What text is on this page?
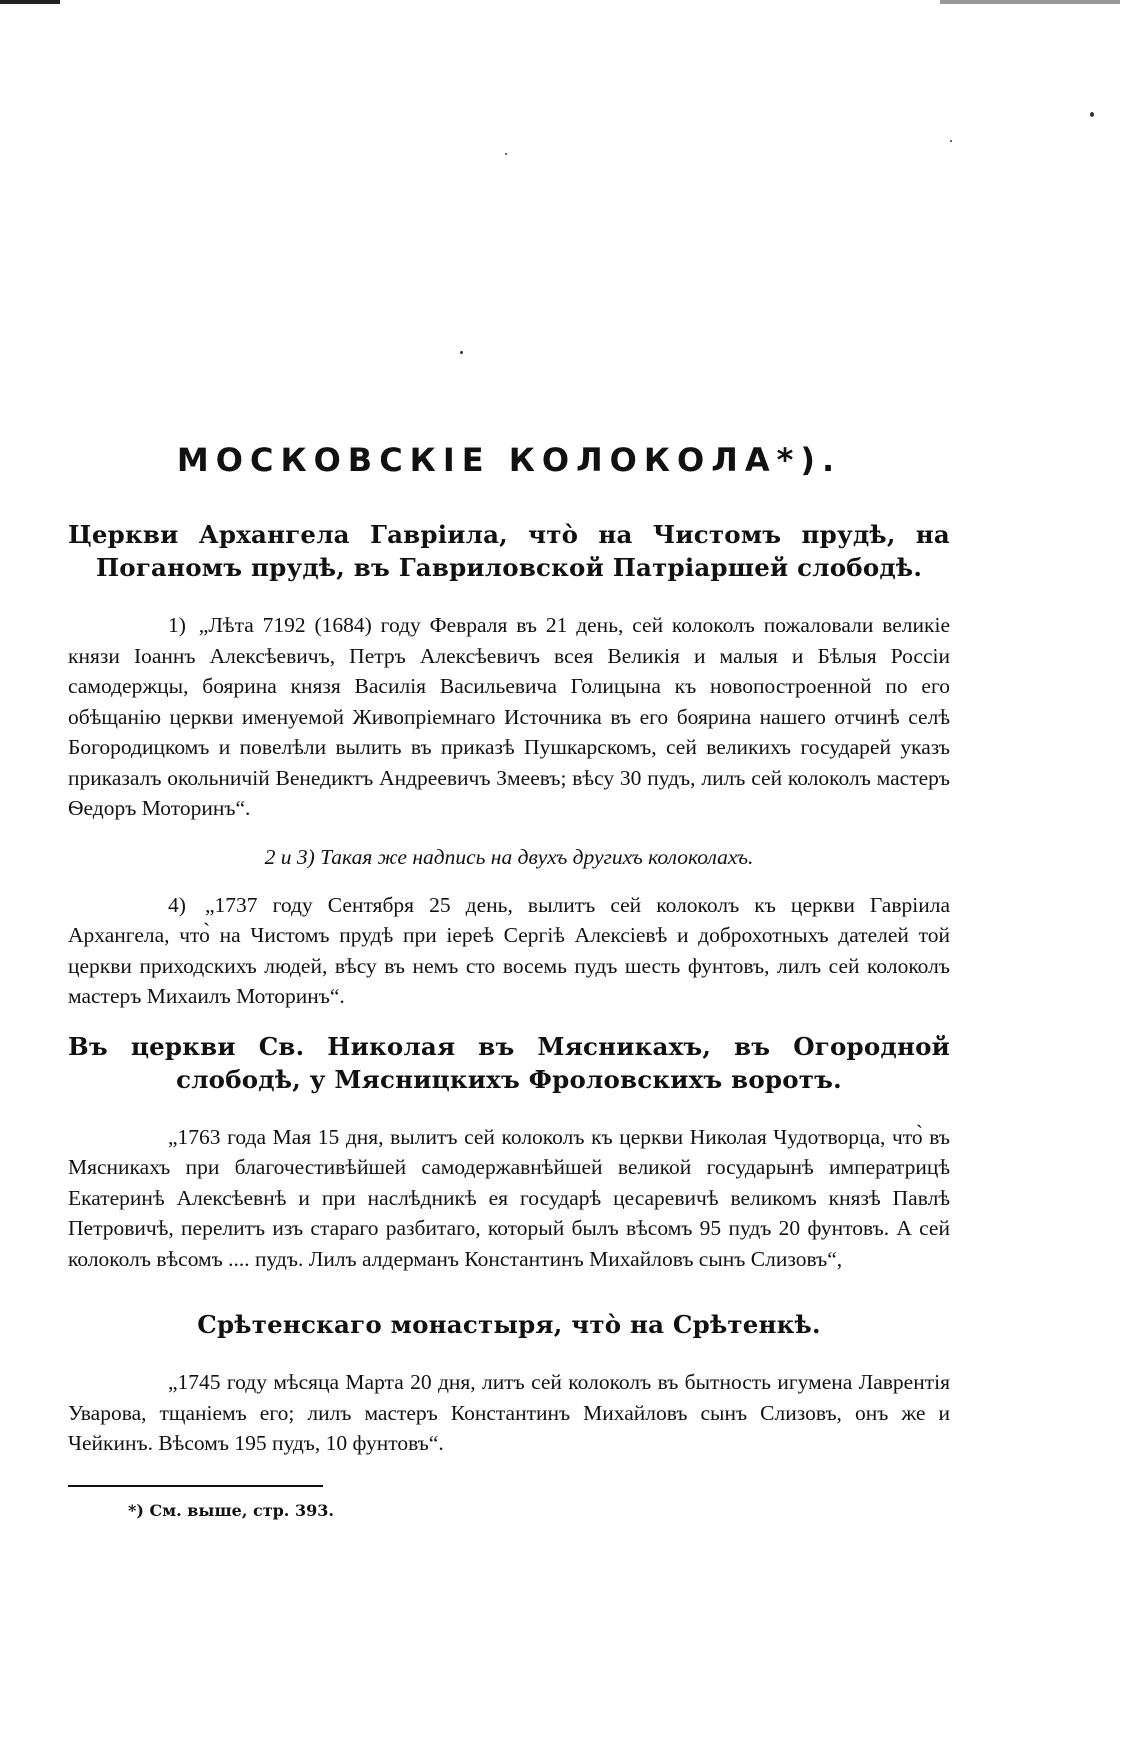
МОСКОВСКІЕ КОЛОКОЛА*).
Церкви Архангела Гавріила, что̀ на Чистомъ прудѣ, на Поганомъ прудѣ, въ Гавриловской Патріаршей слободѣ.

1) „Лѣта 7192 (1684) году Февраля въ 21 день, сей колоколъ пожаловали великіе князи Іоаннъ Алексѣевичъ, Петръ Алексѣевичъ всея Великія и малыя и Бѣлыя Россіи самодержцы, боярина князя Василія Васильевича Голицына къ новопостроенной по его обѣщанію церкви именуемой Живопріемнаго Источника въ его боярина нашего отчинѣ селѣ Богородицкомъ и повелѣли вылить въ приказѣ Пушкарскомъ, сей великихъ государей указъ приказалъ окольничій Венедиктъ Андреевичъ Змеевъ; вѣсу 30 пудъ, лилъ сей колоколъ мастеръ Ѳедоръ Моторинъ“.

2 и 3) Такая же надпись на двухъ другихъ колоколахъ.

4) „1737 году Сентября 25 день, вылитъ сей колоколъ къ церкви Гавріила Архангела, что̀ на Чистомъ прудѣ при іереѣ Сергіѣ Алексіевѣ и доброхотныхъ дателей той церкви приходскихъ людей, вѣсу въ немъ сто восемь пудъ шесть фунтовъ, лилъ сей колоколъ мастеръ Михаилъ Моторинъ“.

Въ церкви Св. Николая въ Мясникахъ, въ Огородной слободѣ, у Мясницкихъ Фроловскихъ воротъ.

„1763 года Мая 15 дня, вылитъ сей колоколъ къ церкви Николая Чудотворца, что̀ въ Мясникахъ при благочестивѣйшей самодержавнѣйшей великой государынѣ императрицѣ Екатеринѣ Алексѣевнѣ и при наслѣдникѣ ея государѣ цесаревичѣ великомъ князѣ Павлѣ Петровичѣ, перелитъ изъ стараго разбитаго, который былъ вѣсомъ 95 пудъ 20 фунтовъ. А сей колоколъ вѣсомъ .... пудъ. Лилъ алдерманъ Константинъ Михайловъ сынъ Слизовъ“,

Срѣтенскаго монастыря, что̀ на Срѣтенкѣ.

„1745 году мѣсяца Марта 20 дня, литъ сей колоколъ въ бытность игумена Лаврентія Уварова, тщаніемъ его; лилъ мастеръ Константинъ Михайловъ сынъ Слизовъ, онъ же и Чейкинъ. Вѣсомъ 195 пудъ, 10 фунтовъ“.

*) См. выше, стр. 393.
